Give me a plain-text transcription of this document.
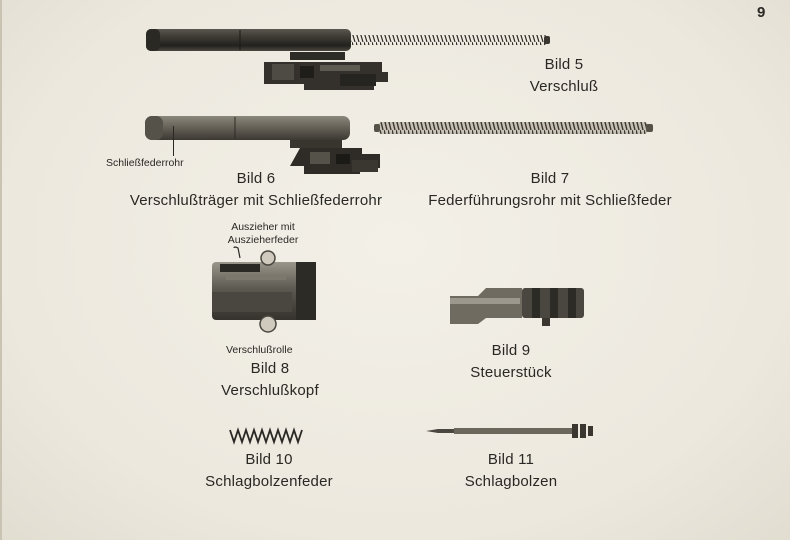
9
Bild 5
Verschluß
Schließfederrohr
Bild 6
Verschlußträger mit Schließfederrohr
Bild 7
Federführungsrohr mit Schließfeder
Auszieher mit
Auszieherfeder
Verschlußrolle
Bild 8
Verschlußkopf
Bild 9
Steuerstück
Bild 10
Schlagbolzenfeder
Bild 11
Schlagbolzen
